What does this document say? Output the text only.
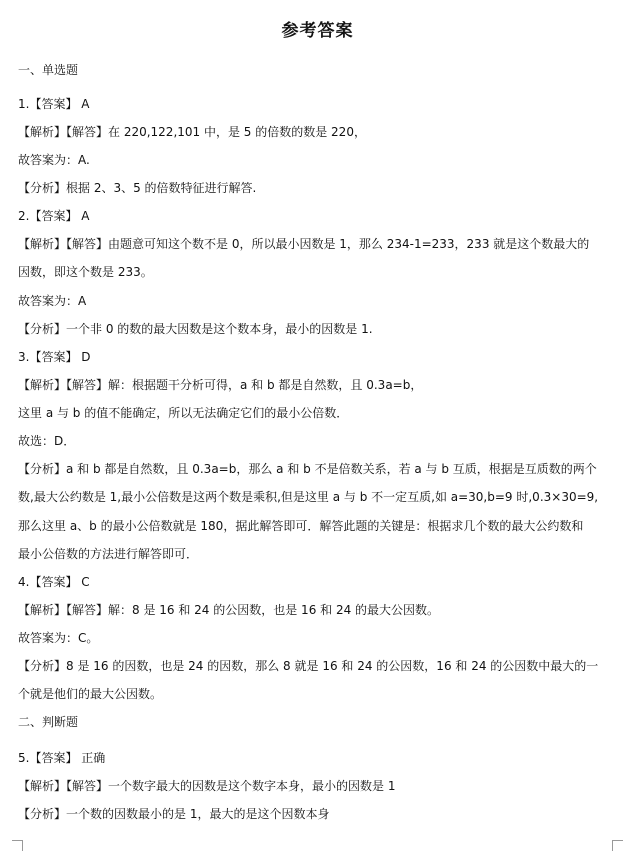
参考答案
一、单选题
1.【答案】 A
【解析】【解答】在 220,122,101 中，是 5 的倍数的数是 220，
故答案为：A.
【分析】根据 2、3、5 的倍数特征进行解答.
2.【答案】 A
【解析】【解答】由题意可知这个数不是 0，所以最小因数是 1，那么 234-1=233，233 就是这个数最大的
因数，即这个数是 233。
故答案为：A
【分析】一个非 0 的数的最大因数是这个数本身，最小的因数是 1.
3.【答案】 D
【解析】【解答】解：根据题干分析可得，a 和 b 都是自然数，且 0.3a=b，
这里 a 与 b 的值不能确定，所以无法确定它们的最小公倍数．
故选：D．
【分析】a 和 b 都是自然数，且 0.3a=b，那么 a 和 b 不是倍数关系，若 a 与 b 互质，根据是互质数的两个
数,最大公约数是 1,最小公倍数是这两个数是乘积,但是这里 a 与 b 不一定互质,如 a=30,b=9 时,0.3×30=9,
那么这里 a、b 的最小公倍数就是 180，据此解答即可．解答此题的关键是：根据求几个数的最大公约数和
最小公倍数的方法进行解答即可．
4.【答案】 C
【解析】【解答】解：8 是 16 和 24 的公因数，也是 16 和 24 的最大公因数。
故答案为：C。
【分析】8 是 16 的因数，也是 24 的因数，那么 8 就是 16 和 24 的公因数，16 和 24 的公因数中最大的一
个就是他们的最大公因数。
二、判断题
5.【答案】 正确
【解析】【解答】一个数字最大的因数是这个数字本身，最小的因数是 1
【分析】一个数的因数最小的是 1，最大的是这个因数本身
